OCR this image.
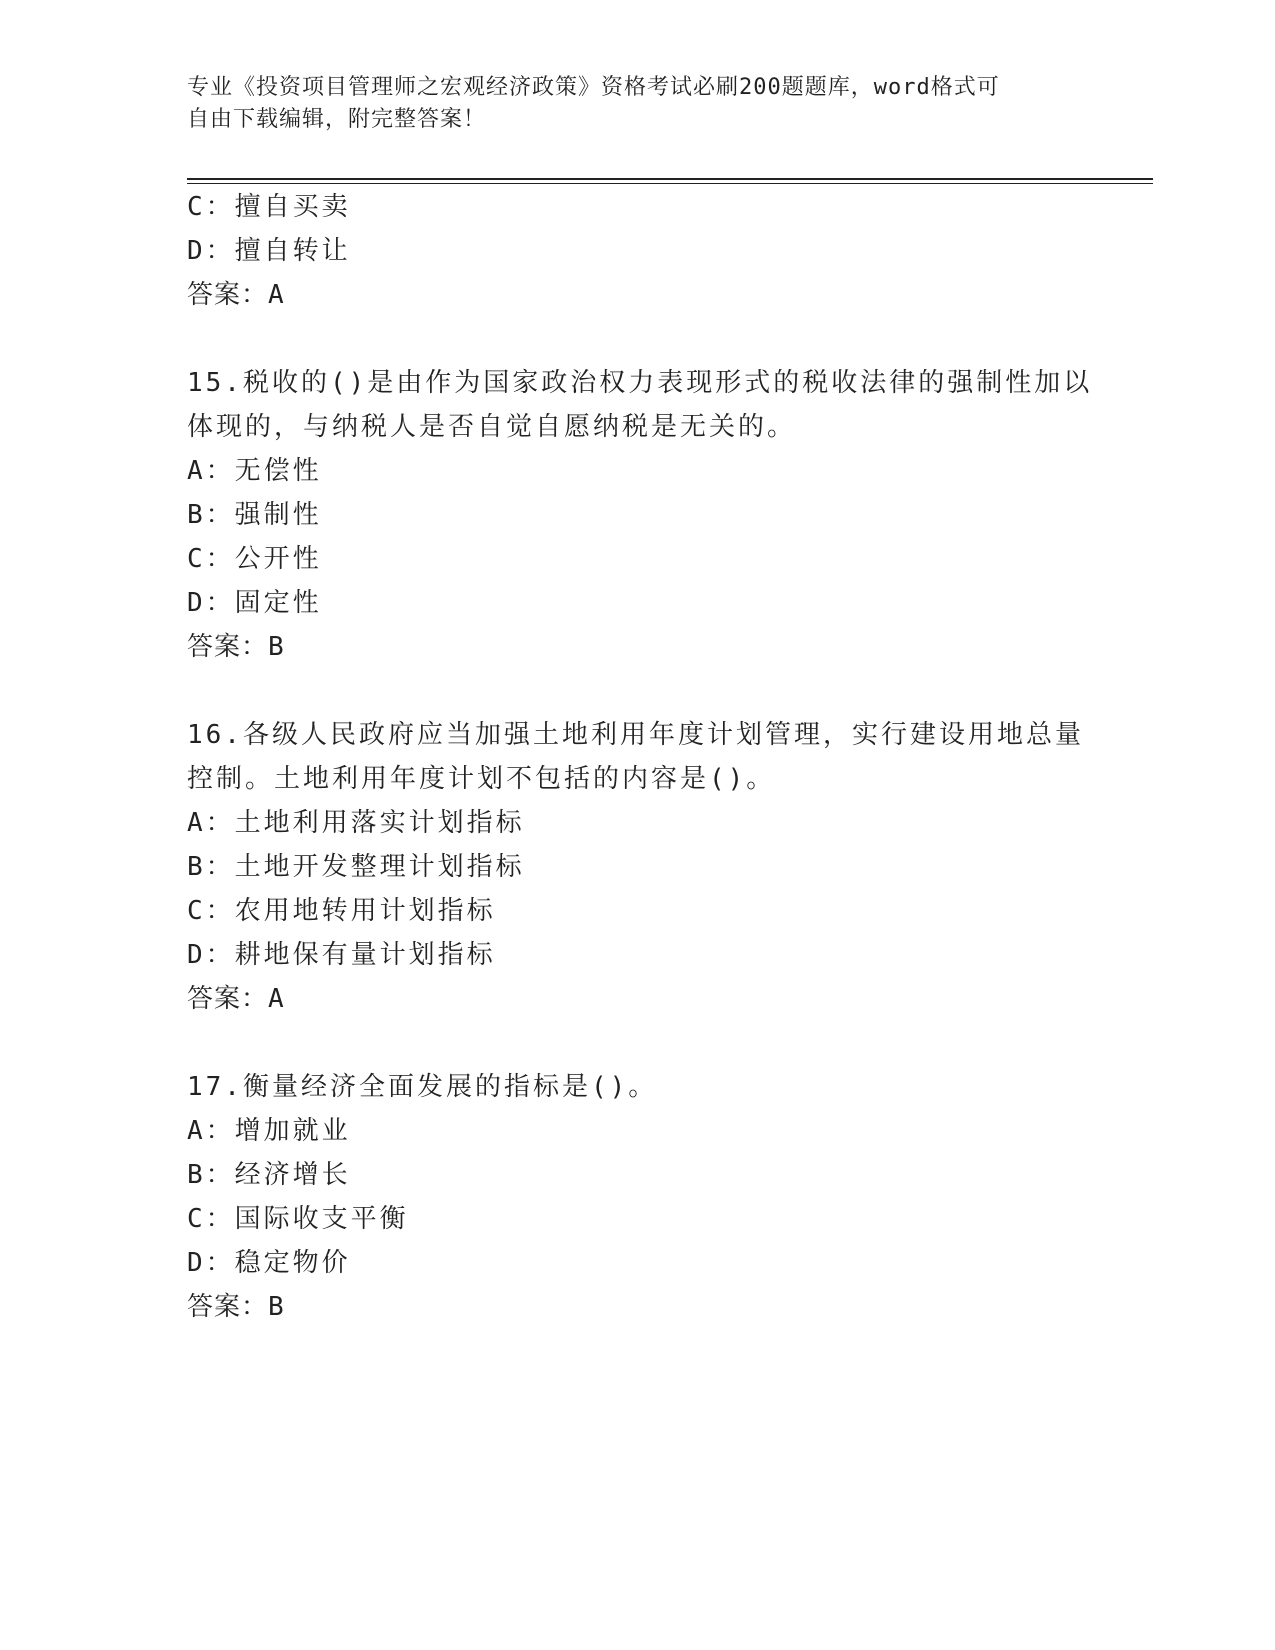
专业《投资项目管理师之宏观经济政策》资格考试必刷200题题库，word格式可
自由下载编辑，附完整答案！
C：擅自买卖
D：擅自转让
答案：A
15.税收的()是由作为国家政治权力表现形式的税收法律的强制性加以
体现的，与纳税人是否自觉自愿纳税是无关的。
A：无偿性
B：强制性
C：公开性
D：固定性
答案：B
16.各级人民政府应当加强土地利用年度计划管理，实行建设用地总量
控制。土地利用年度计划不包括的内容是()。
A：土地利用落实计划指标
B：土地开发整理计划指标
C：农用地转用计划指标
D：耕地保有量计划指标
答案：A
17.衡量经济全面发展的指标是()。
A：增加就业
B：经济增长
C：国际收支平衡
D：稳定物价
答案：B
